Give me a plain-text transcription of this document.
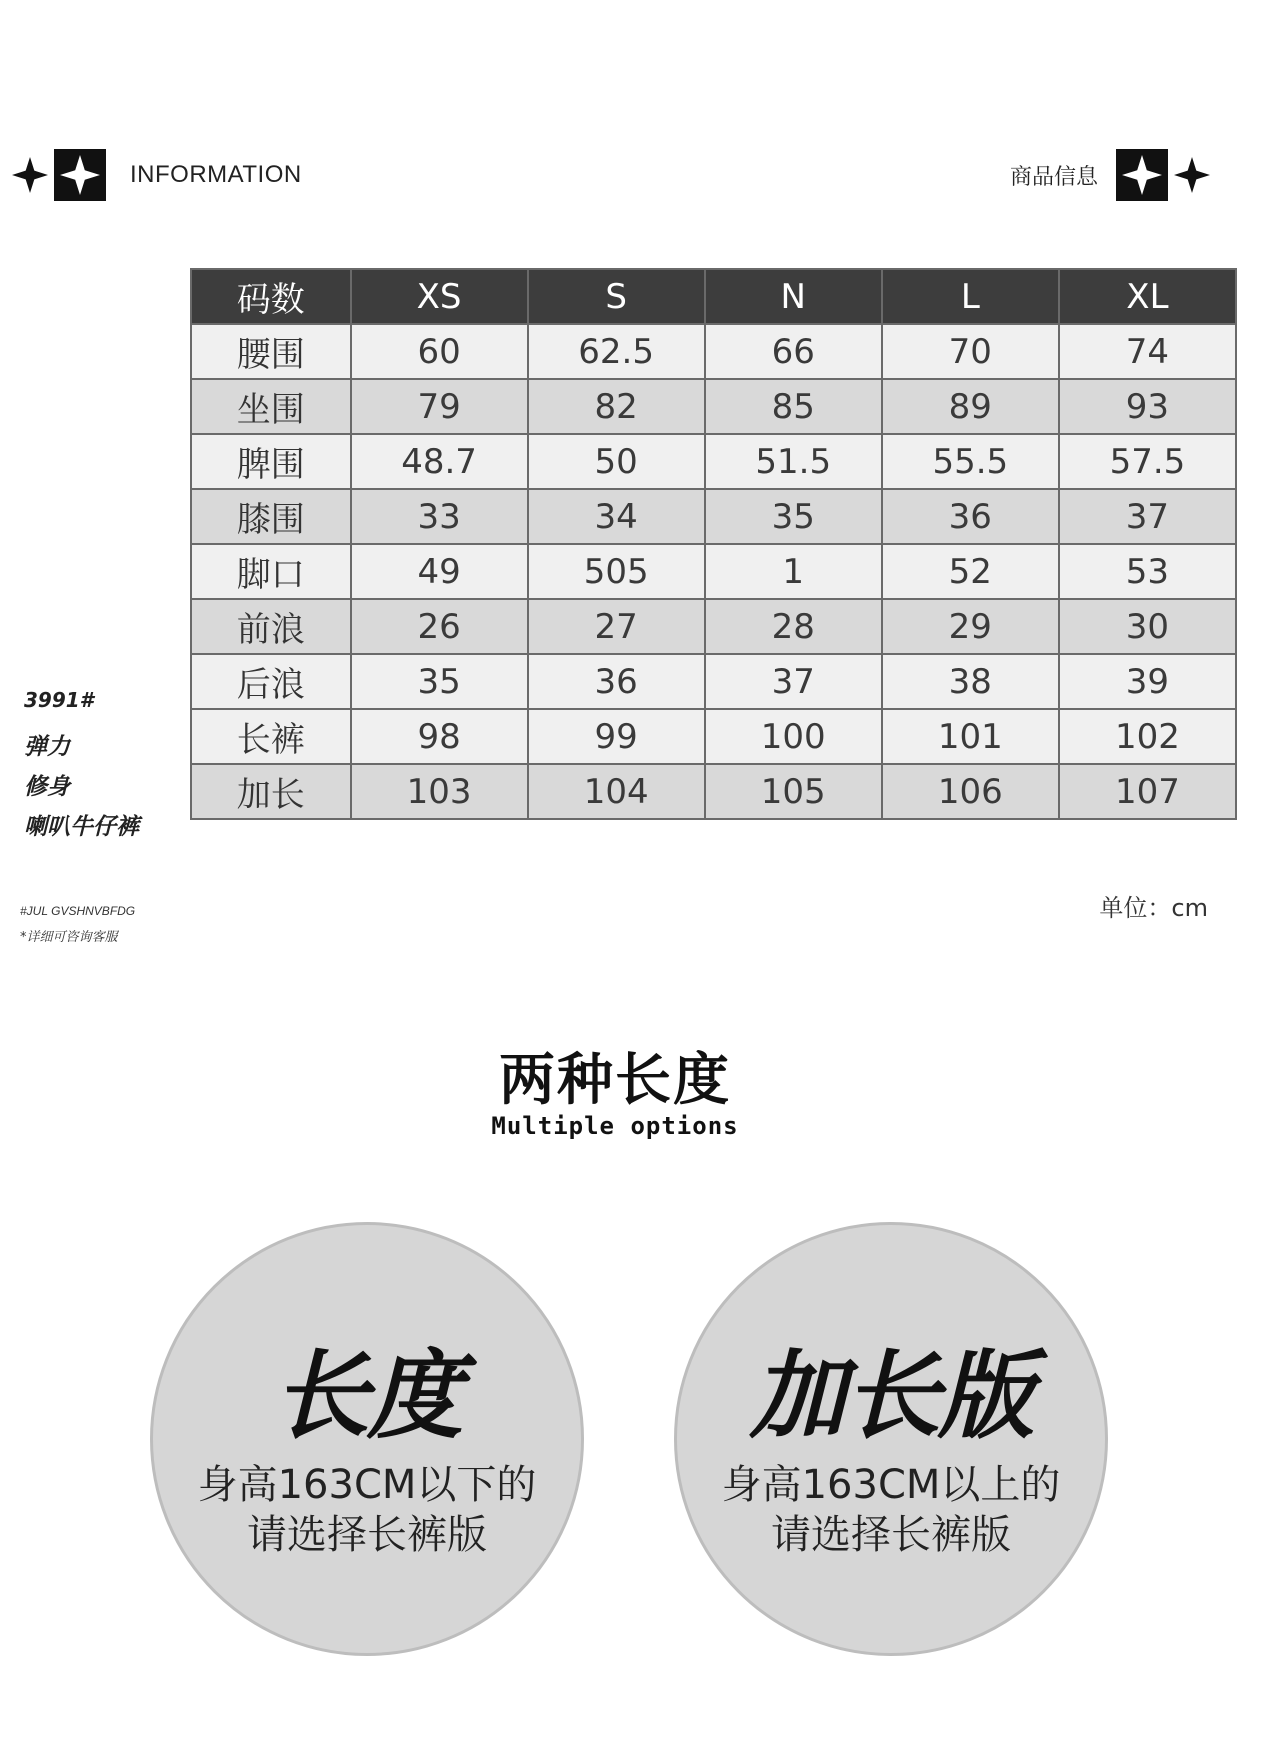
INFORMATION	商品信息
码数	XS	S	N	L	XL
腰围	60	62.5	66	70	74
坐围	79	82	85	89	93
脾围	48.7	50	51.5	55.5	57.5
膝围	33	34	35	36	37
脚口	49	505	1	52	53
前浪	26	27	28	29	30
后浪	35	36	37	38	39
长裤	98	99	100	101	102
加长	103	104	105	106	107
3991#
弹力
修身
喇叭牛仔裤
#JUL GVSHNVBFDG
*详细可咨询客服
单位：cm
两种长度
Multiple options
长度
身高163CM以下的
请选择长裤版
加长版
身高163CM以上的
请选择长裤版
